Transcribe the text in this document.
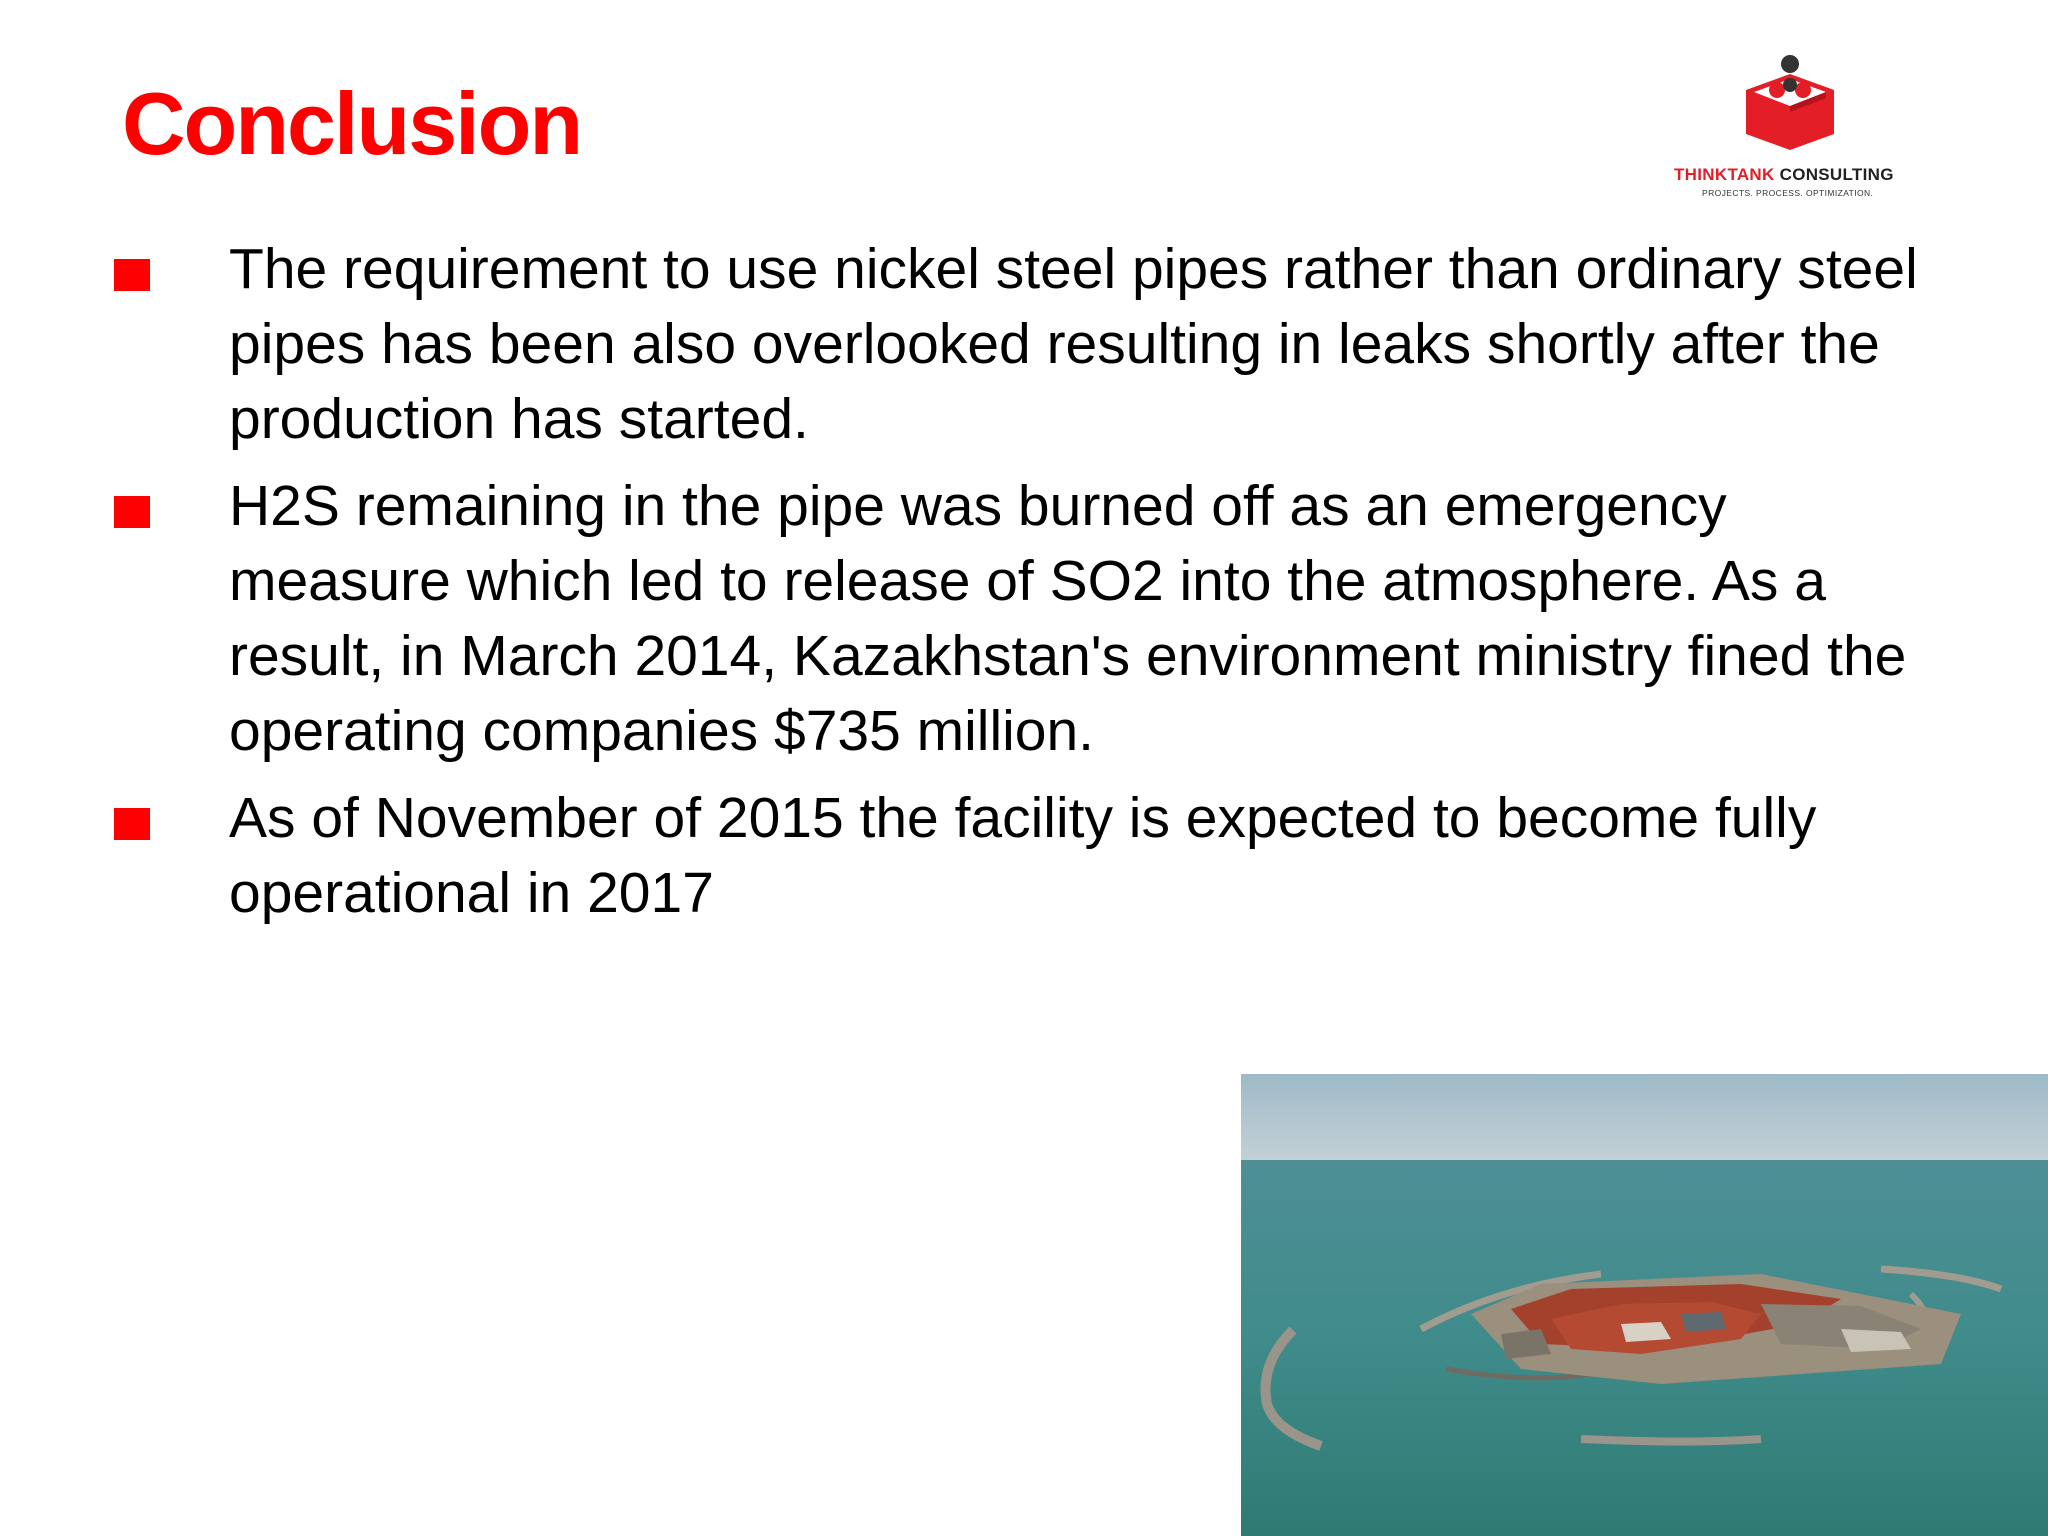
Conclusion
THINKTANK CONSULTING
PROJECTS. PROCESS. OPTIMIZATION.
The requirement to use nickel steel pipes rather than ordinary steel pipes has been also overlooked resulting in leaks shortly after the production has started.
H2S remaining in the pipe was burned off as an emergency measure which led to release of SO2 into the atmosphere. As a result, in March 2014, Kazakhstan's environment ministry fined the operating companies $735 million.
As of November of 2015 the facility is expected to become fully operational in 2017
